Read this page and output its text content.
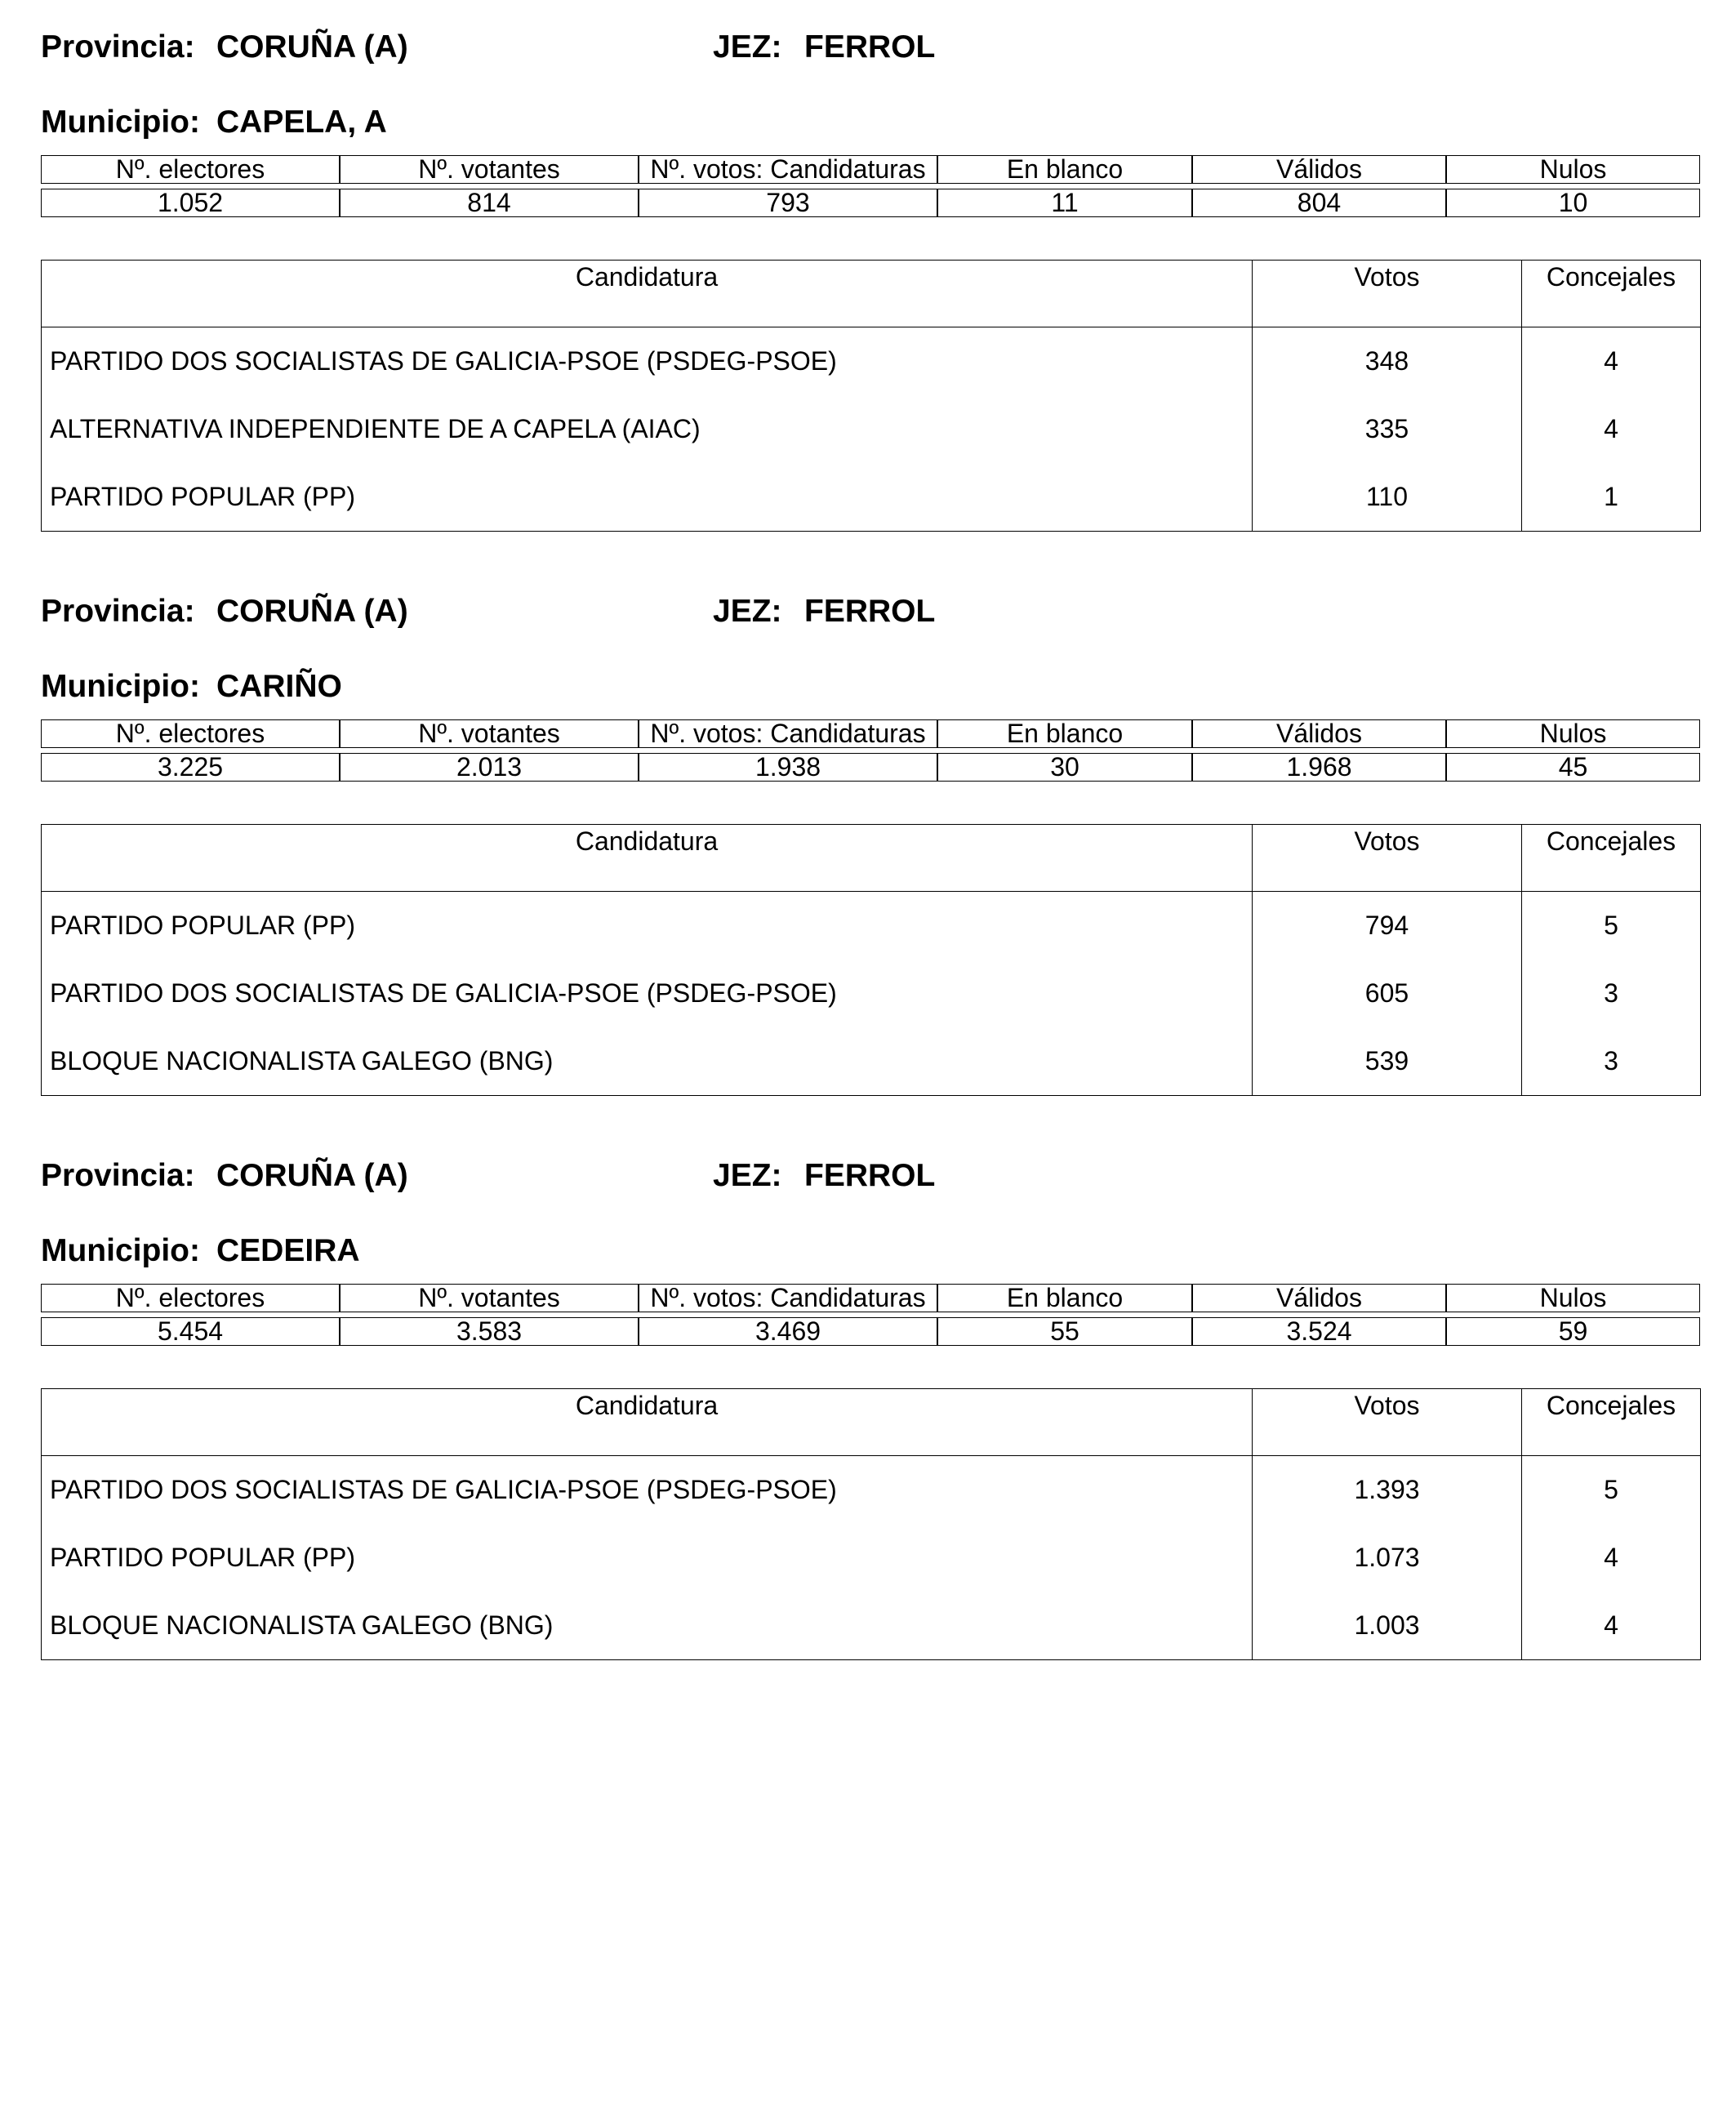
Provincia: CORUÑA (A)	JEZ: FERROL
Municipio: CAPELA, A
Nº. electores	Nº. votantes	Nº. votos: Candidaturas	En blanco	Válidos	Nulos

1.052	814	793	11	804	10
Candidatura	Votos	Concejales
PARTIDO DOS SOCIALISTAS DE GALICIA-PSOE (PSDEG-PSOE)	348	4
ALTERNATIVA INDEPENDIENTE DE A CAPELA (AIAC)	335	4
PARTIDO POPULAR (PP)	110	1
Provincia: CORUÑA (A)	JEZ: FERROL
Municipio: CARIÑO
Nº. electores	Nº. votantes	Nº. votos: Candidaturas	En blanco	Válidos	Nulos

3.225	2.013	1.938	30	1.968	45
Candidatura	Votos	Concejales
PARTIDO POPULAR (PP)	794	5
PARTIDO DOS SOCIALISTAS DE GALICIA-PSOE (PSDEG-PSOE)	605	3
BLOQUE NACIONALISTA GALEGO (BNG)	539	3
Provincia: CORUÑA (A)	JEZ: FERROL
Municipio: CEDEIRA
Nº. electores	Nº. votantes	Nº. votos: Candidaturas	En blanco	Válidos	Nulos

5.454	3.583	3.469	55	3.524	59
Candidatura	Votos	Concejales
PARTIDO DOS SOCIALISTAS DE GALICIA-PSOE (PSDEG-PSOE)	1.393	5
PARTIDO POPULAR (PP)	1.073	4
BLOQUE NACIONALISTA GALEGO (BNG)	1.003	4
